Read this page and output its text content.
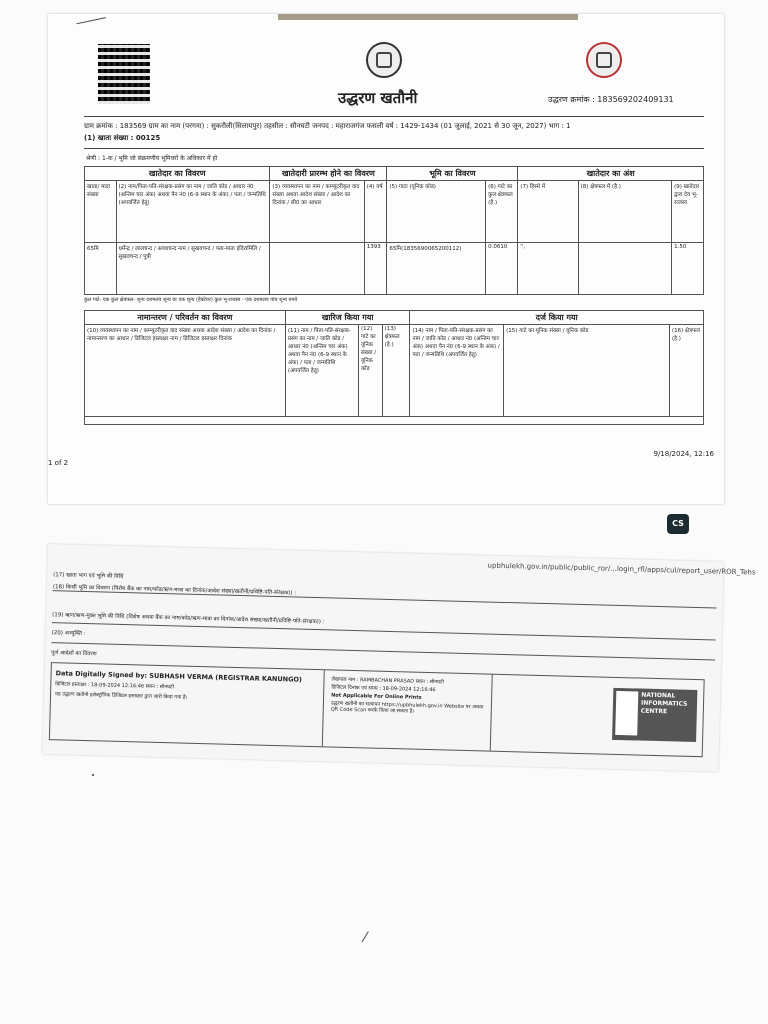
उद्धरण खतौनी	उद्धरण क्रमांक : 183569202409131
ग्राम क्रमांक : 183569 ग्राम का नाम (परगना) : सुकरौली(सिलायपुर) तहसील : सौनघटी जनपद : महाराजगंज फसली वर्ष : 1429-1434 (01 जुलाई, 2021 से 30 जून, 2027) भाग : 1
(1) खाता संख्या : 00125
श्रेणी : 1-क / भूमि जो संक्रमणीय भूमिधरों के अधिकार में हो
खातेदार का विवरण		खातेदारी प्रारम्भ होने का विवरण		भूमि का विवरण		खातेदार का अंश		
खाता/ मादा संख्या	(2) नाम/पिता-पति-संरक्षक-प्रसंग का नाम / जाति कोड / आधार नं0 (अन्तिम चार अंक) अथवा पैन नं0 (6-9 स्थान के अंक) / पता / जन्मतिथि (अपवर्जित हेतु)	(3) व्यवस्थापन का नाम / कम्प्यूटरीकृत वाद संख्या अथवा आदेश संख्या / आदेश का दिनांक / सी0 का आधार	(4) वर्ष	(5) गाटा (यूनिक कोड)	(6) गाटे का कुल क्षेत्रफल (है.)	(7) हिस्से में	(8) क्षेत्रफल में (है.)	(9) खातेदार द्वारा देय भू-राजस्व
65मि	धर्मेन्द्र / लालचन्द / अवधचन्द नाम / सुखवचन्द / पता-माता इंदिरामिलि / सुखवचन्द / पुत्री		1393	65मि(1835690065200112)	0.0610	'',		1.50
कुल गाटे- एक कुल क्षेत्रफल- शून्य दशमलव शून्य छः एक शून्य (हेक्टेयर) कुल भू-राजस्व - एक दशमलव पांच शून्य रुपये
नामान्तरण / परिवर्तन का विवरण	खारिज किया गया			दर्ज किया गया		
(10) व्यवस्थापन का नाम / कम्प्यूटरीकृत वाद संख्या अथवा आदेश संख्या / आदेश का दिनांक / नामान्तरण का आधार / डिजिटल हस्ताक्षर नाम / डिजिटल हस्ताक्षर दिनांक	(11) नाम / पिता-पति-संरक्षक-प्रसंग का नाम / जाति कोड / आधार नं0 (अन्तिम चार अंक) अथवा पैन नं0 (6-9 स्थान के अंक) / पता / जन्मतिथि (अपवर्जित हेतु)	(12) गाटे का यूनिक संख्या / यूनिक कोड	(13) क्षेत्रफल (है.)	(14) नाम / पिता-पति-संरक्षक-प्रसंग का नाम / जाति कोड / आधार नं0 (अन्तिम चार अंक) अथवा पैन नं0 (6-9 स्थान के अंक) / पता / जन्मतिथि (अपवर्जित हेतु)	(15) गाटे का यूनिक संख्या / यूनिक कोड	(16) क्षेत्रफल (है.)

1 of 2
9/18/2024, 12:16
CS
upbhulekh.gov.in/public/public_ror/...login_rfl/apps/cul/report_user/ROR_Tehs
(17) खाता भाग एवं भूमि की विधि
(19) ऋण/ऋण-मुक्त भूमि की विधि (विशेष अथवा बैंक का नाम/कोड/ऋण-मात्रा का दिनांक/आदेश संख्या/खतौनी/प्रविष्टि-पति-संरक्षक)) :
(18) किसी भूमि का विवरण (विशेष बैंक का नाम/कोड/ऋण-मात्रा का दिनांक/आदेश संख्या/खतौनी/प्रविष्टि-पति-संरक्षक)) :
(20) अभ्युक्ति :
पूर्ण आदेशों का विवरण
Data Digitally Signed by: SUBHASH VERMA (REGISTRAR KANUNGO)
डिजिटल हस्ताक्षर : 18-09-2024 12:16:46 स्थान : सौनघटी
यह उद्धरण खतौनी इलेक्ट्रॉनिक डिजिटल हस्ताक्षर द्वारा जारी किया गया है।
लेखपाल नाम : RAMBACHAN PRASAD स्थान : सौनघटी
डिजिटल दिनांक एवं समय : 18-09-2024 12:16:46
Not Applicable For Online Prints
उद्धरण खतौनी का सत्यापन https://upbhulekh.gov.in Website पर अथवा QR Code Scan करके किया जा सकता है।
NATIONAL INFORMATICS CENTRE
⁄
